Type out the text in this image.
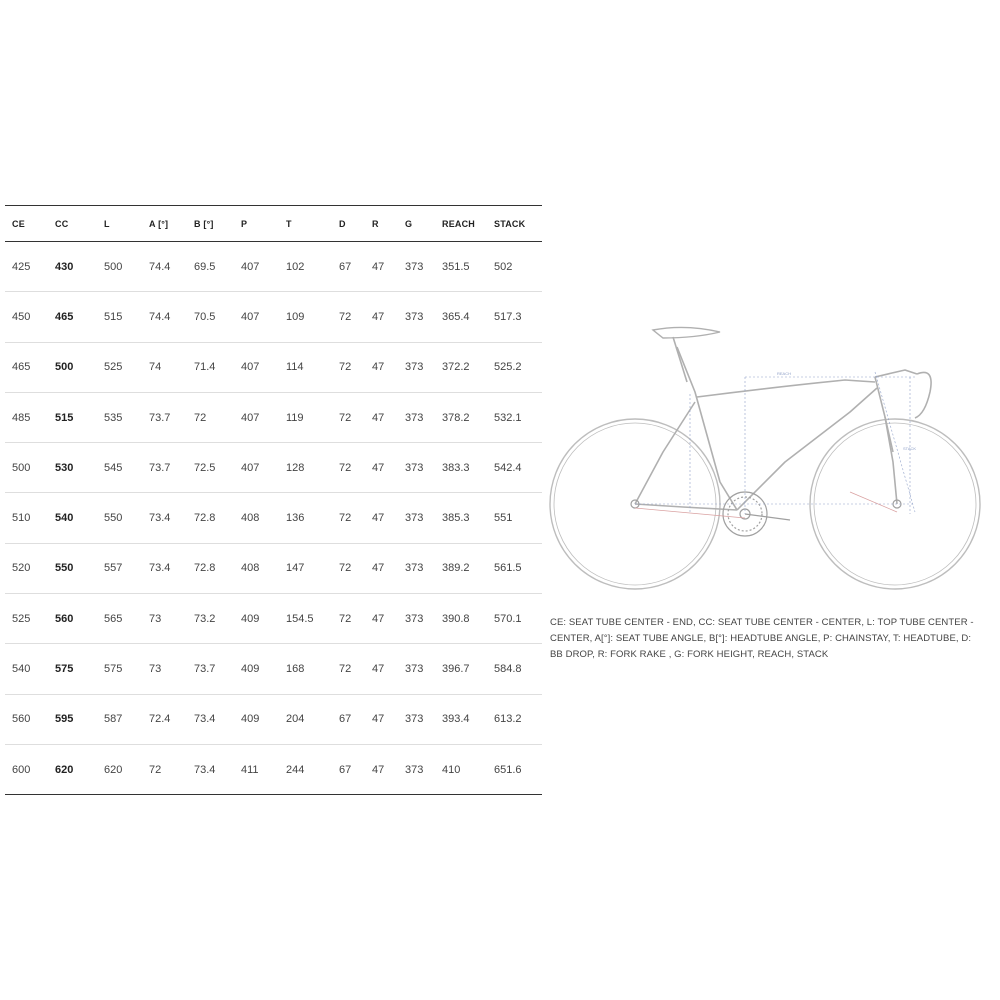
CE	CC	L	A [°]	B [°]	P	T	D	R	G	REACH	STACK
425	430	500	74.4	69.5	407	102	67	47	373	351.5	502
450	465	515	74.4	70.5	407	109	72	47	373	365.4	517.3
465	500	525	74	71.4	407	114	72	47	373	372.2	525.2
485	515	535	73.7	72	407	119	72	47	373	378.2	532.1
500	530	545	73.7	72.5	407	128	72	47	373	383.3	542.4
510	540	550	73.4	72.8	408	136	72	47	373	385.3	551
520	550	557	73.4	72.8	408	147	72	47	373	389.2	561.5
525	560	565	73	73.2	409	154.5	72	47	373	390.8	570.1
540	575	575	73	73.7	409	168	72	47	373	396.7	584.8
560	595	587	72.4	73.4	409	204	67	47	373	393.4	613.2
600	620	620	72	73.4	411	244	67	47	373	410	651.6
REACH
STACK
CE: SEAT TUBE CENTER - END, CC: SEAT TUBE CENTER - CENTER, L: TOP TUBE CENTER - CENTER, A[°]: SEAT TUBE ANGLE, B[°]: HEADTUBE ANGLE, P: CHAINSTAY, T: HEADTUBE, D: BB DROP, R: FORK RAKE , G: FORK HEIGHT, REACH, STACK
